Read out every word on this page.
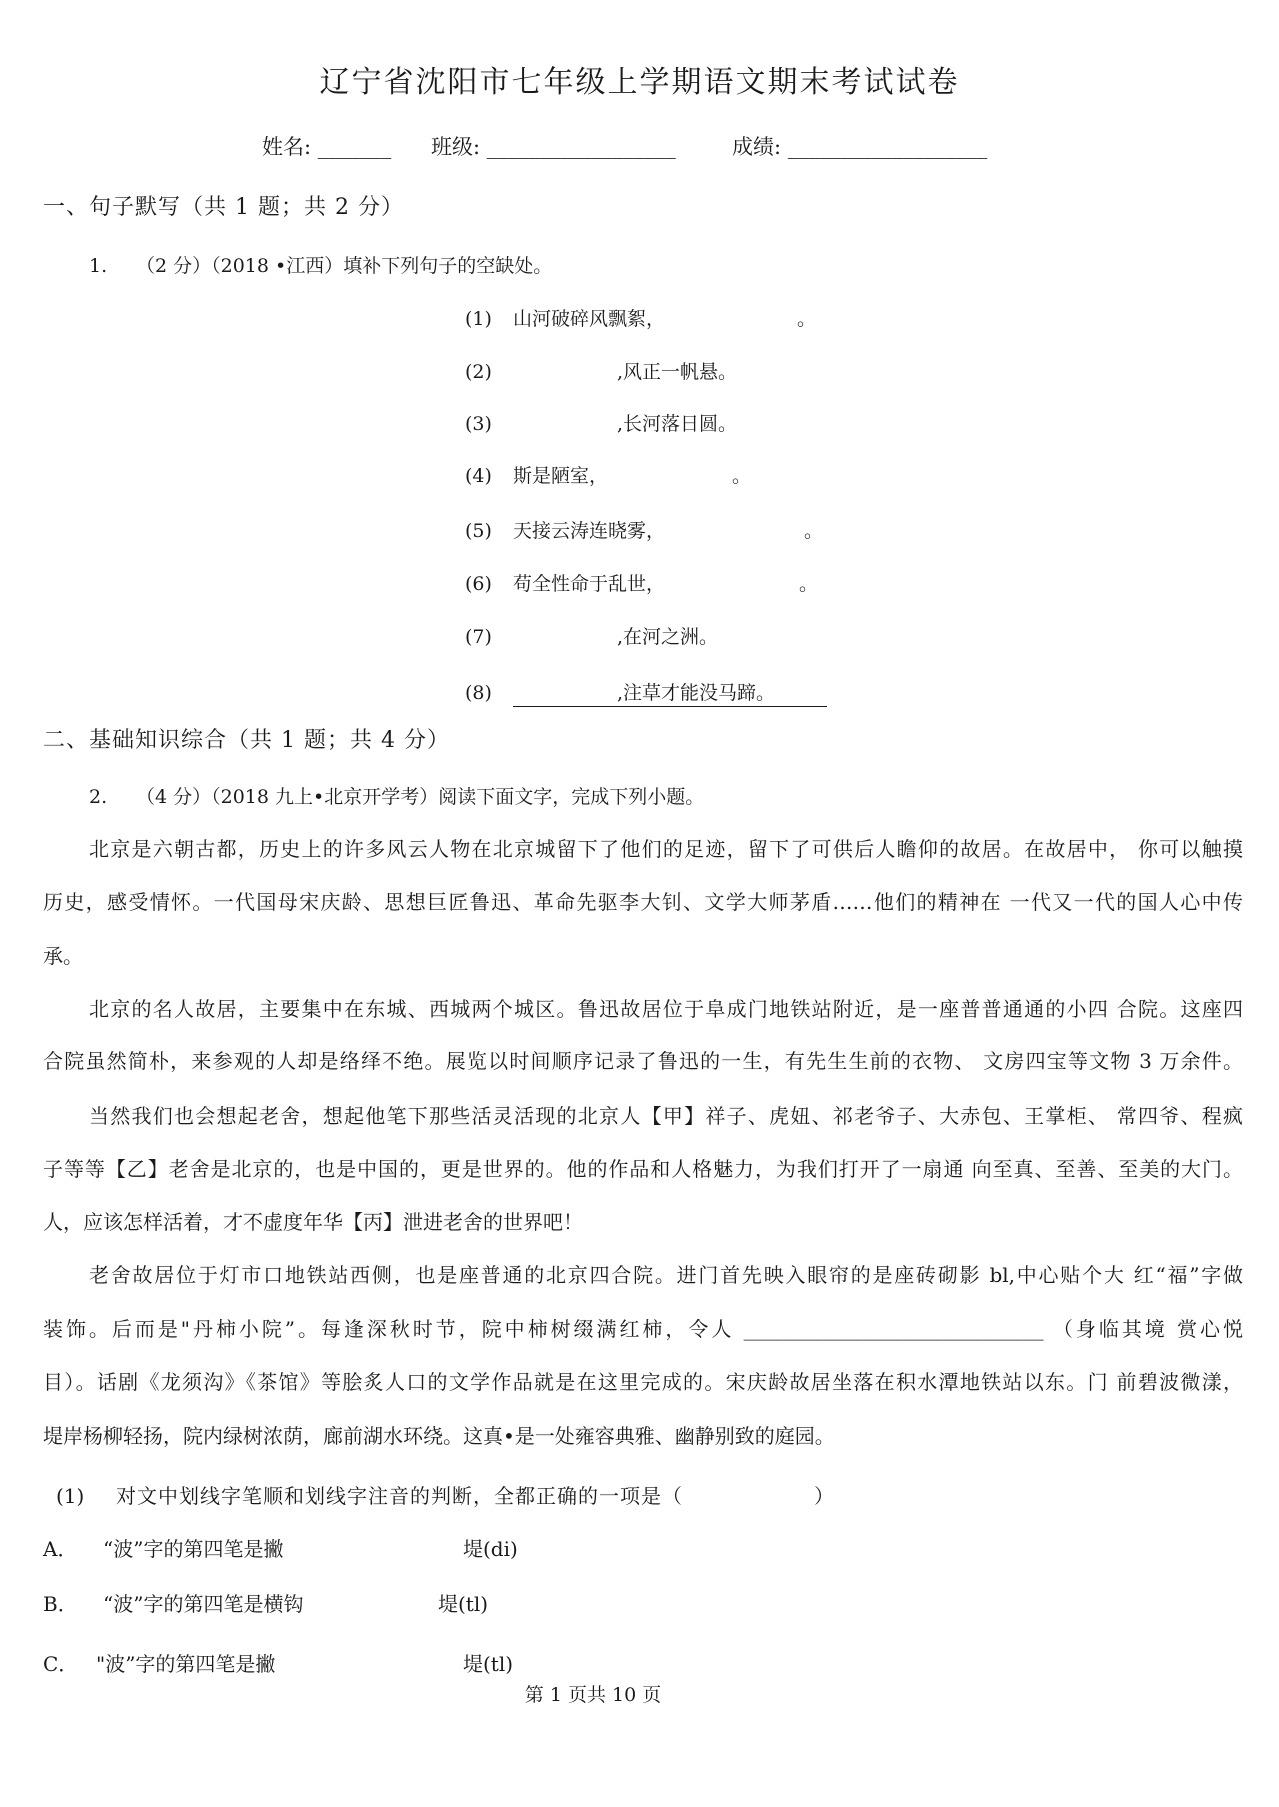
辽宁省沈阳市七年级上学期语文期末考试试卷
姓名: _______ 班级: __________________	成绩: ___________________
一、句子默写（共 1 题；共 2 分）
1. （2 分）（2018 •江西）填补下列句子的空缺处。
(1) 山河破碎风飘絮，	。
(2)	,风正一帆悬。
(3)	,长河落日圆。
(4) 斯是陋室，	。
(5) 天接云涛连晓雾，	。
(6) 苟全性命于乱世，	。
(7)	,在河之洲。
(8)	,注草才能没马蹄。
二、基础知识综合（共 1 题；共 4 分）
2. （4 分）（2018 九上•北京开学考）阅读下面文字，完成下列小题。
北京是六朝古都，历史上的许多风云人物在北京城留下了他们的足迹，留下了可供后人瞻仰的故居。在故居中， 你可以触摸
历史，感受情怀。一代国母宋庆龄、思想巨匠鲁迅、革命先驱李大钊、文学大师茅盾……他们的精神在 一代又一代的国人心中传
承。
北京的名人故居，主要集中在东城、西城两个城区。鲁迅故居位于阜成门地铁站附近，是一座普普通通的小四 合院。这座四
合院虽然简朴，来参观的人却是络绎不绝。展览以时间顺序记录了鲁迅的一生，有先生生前的衣物、 文房四宝等文物 3 万余件。
当然我们也会想起老舍，想起他笔下那些活灵活现的北京人【甲】祥子、虎妞、祁老爷子、大赤包、王掌柜、 常四爷、程疯
子等等【乙】老舍是北京的，也是中国的，更是世界的。他的作品和人格魅力，为我们打开了一扇通 向至真、至善、至美的大门。
人，应该怎样活着，才不虚度年华【丙】泄进老舍的世界吧！
老舍故居位于灯市口地铁站西侧，也是座普通的北京四合院。进门首先映入眼帘的是座砖砌影 bl,中心贴个大 红“福”字做
装饰。后而是"丹柿小院”。每逢深秋时节，院中柿树缀满红柿，令人 ______________________________ （身临其境 赏心悦
目）。话剧《龙须沟》《茶馆》等脍炙人口的文学作品就是在这里完成的。宋庆龄故居坐落在积水潭地铁站以东。门 前碧波微漾，
堤岸杨柳轻扬，院内绿树浓荫，廊前湖水环绕。这真•是一处雍容典雅、幽静别致的庭园。
(1) 对文中划线字笔顺和划线字注音的判断，全都正确的一项是（	）
A． “波”字的第四笔是撇	堤(di)
B． “波”字的第四笔是横钩	堤(tl)
C． "波”字的第四笔是撇	堤(tl)
第 1 页共 10 页
